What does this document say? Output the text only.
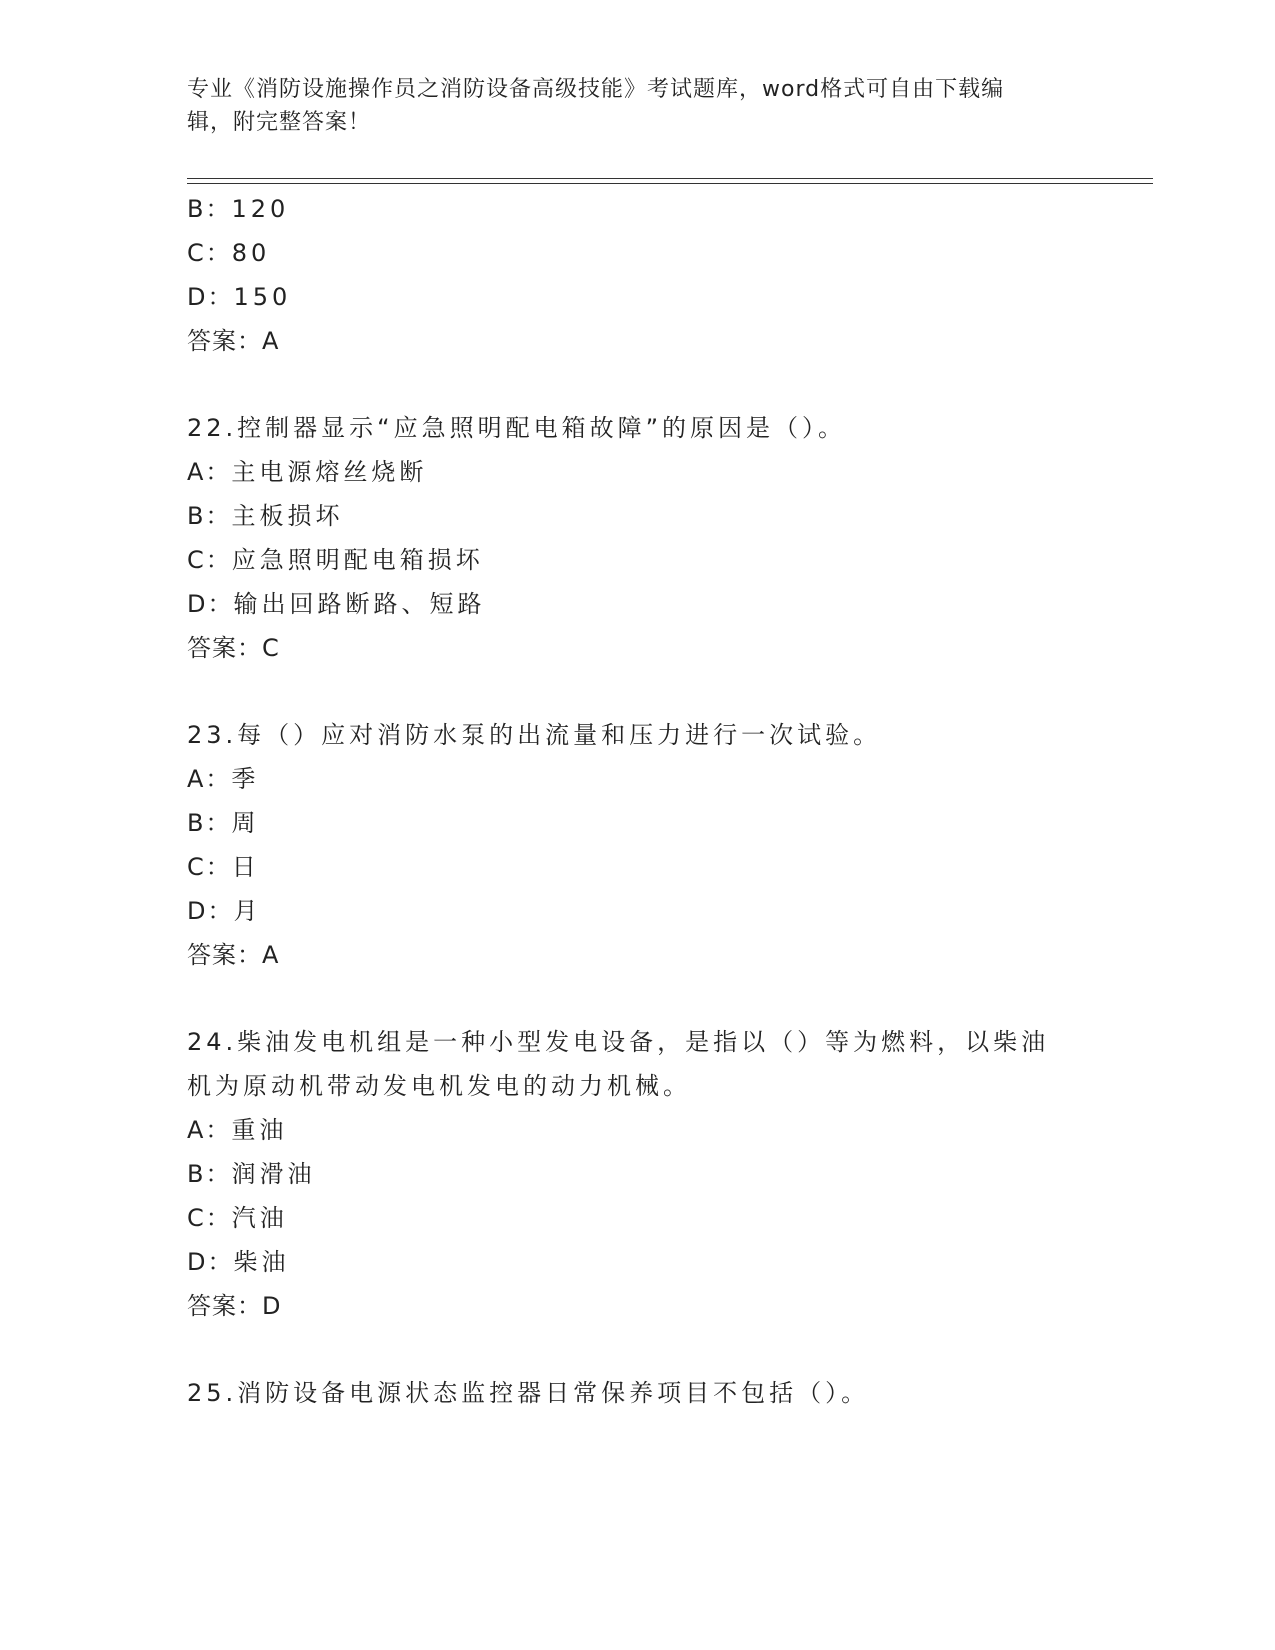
专业《消防设施操作员之消防设备高级技能》考试题库，word格式可自由下载编
辑，附完整答案！
B：120
C：80
D：150
答案：A
22.控制器显示“应急照明配电箱故障”的原因是（）。
A：主电源熔丝烧断
B：主板损坏
C：应急照明配电箱损坏
D：输出回路断路、短路
答案：C
23.每（）应对消防水泵的出流量和压力进行一次试验。
A：季
B：周
C：日
D：月
答案：A
24.柴油发电机组是一种小型发电设备，是指以（）等为燃料，以柴油
机为原动机带动发电机发电的动力机械。
A：重油
B：润滑油
C：汽油
D：柴油
答案：D
25.消防设备电源状态监控器日常保养项目不包括（）。
